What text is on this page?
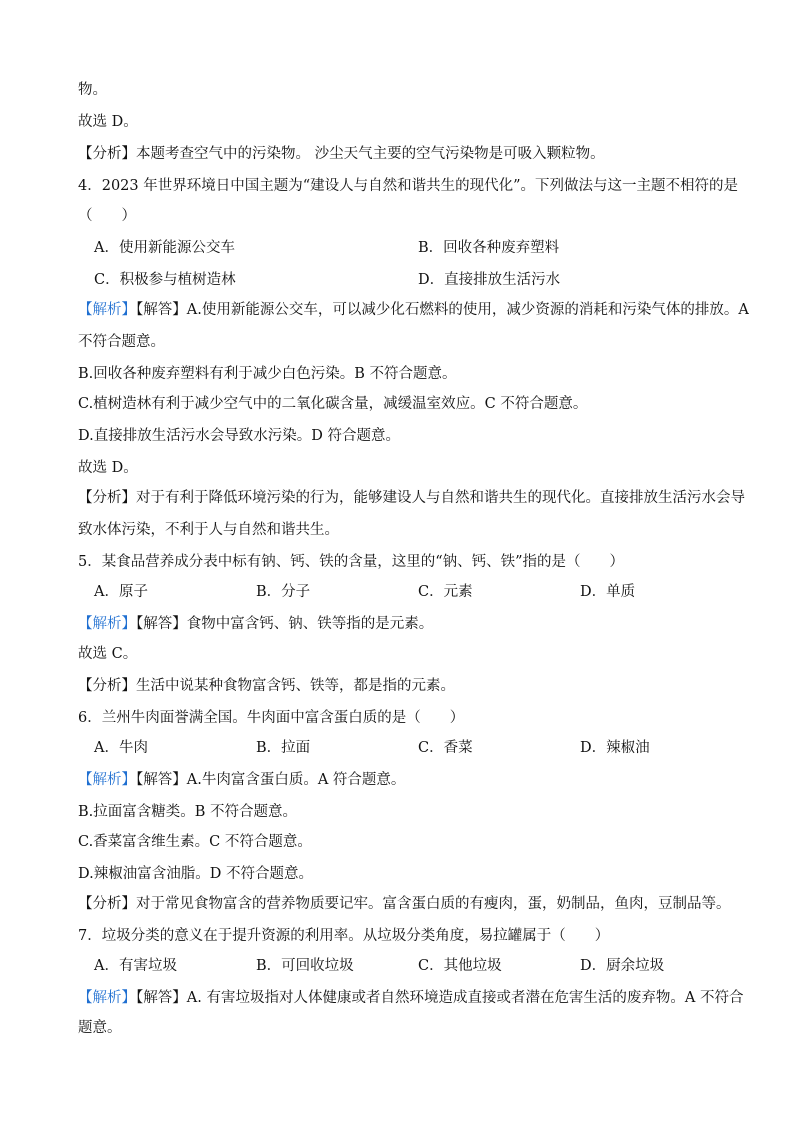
物。
故选 D。
【分析】本题考查空气中的污染物。 沙尘天气主要的空气污染物是可吸入颗粒物。
4．2023 年世界环境日中国主题为“建设人与自然和谐共生的现代化”。下列做法与这一主题不相符的是
（　　）
A．使用新能源公交车	B．回收各种废弃塑料
C．积极参与植树造林	D．直接排放生活污水
【解析】【解答】A.使用新能源公交车，可以减少化石燃料的使用，减少资源的消耗和污染气体的排放。A
不符合题意。
B.回收各种废弃塑料有利于减少白色污染。B 不符合题意。
C.植树造林有利于减少空气中的二氧化碳含量，减缓温室效应。C 不符合题意。
D.直接排放生活污水会导致水污染。D 符合题意。
故选 D。
【分析】对于有利于降低环境污染的行为，能够建设人与自然和谐共生的现代化。直接排放生活污水会导
致水体污染，不利于人与自然和谐共生。
5．某食品营养成分表中标有钠、钙、铁的含量，这里的“钠、钙、铁”指的是（　　）
A．原子	B．分子	C．元素	D．单质
【解析】【解答】食物中富含钙、钠、铁等指的是元素。
故选 C。
【分析】生活中说某种食物富含钙、铁等，都是指的元素。
6．兰州牛肉面誉满全国。牛肉面中富含蛋白质的是（　　）
A．牛肉	B．拉面	C．香菜	D．辣椒油
【解析】【解答】A.牛肉富含蛋白质。A 符合题意。
B.拉面富含糖类。B 不符合题意。
C.香菜富含维生素。C 不符合题意。
D.辣椒油富含油脂。D 不符合题意。
【分析】对于常见食物富含的营养物质要记牢。富含蛋白质的有瘦肉，蛋，奶制品，鱼肉，豆制品等。
7．垃圾分类的意义在于提升资源的利用率。从垃圾分类角度，易拉罐属于（　　）
A．有害垃圾	B．可回收垃圾	C．其他垃圾	D．厨余垃圾
【解析】【解答】A. 有害垃圾指对人体健康或者自然环境造成直接或者潜在危害生活的废弃物。A 不符合
题意。
